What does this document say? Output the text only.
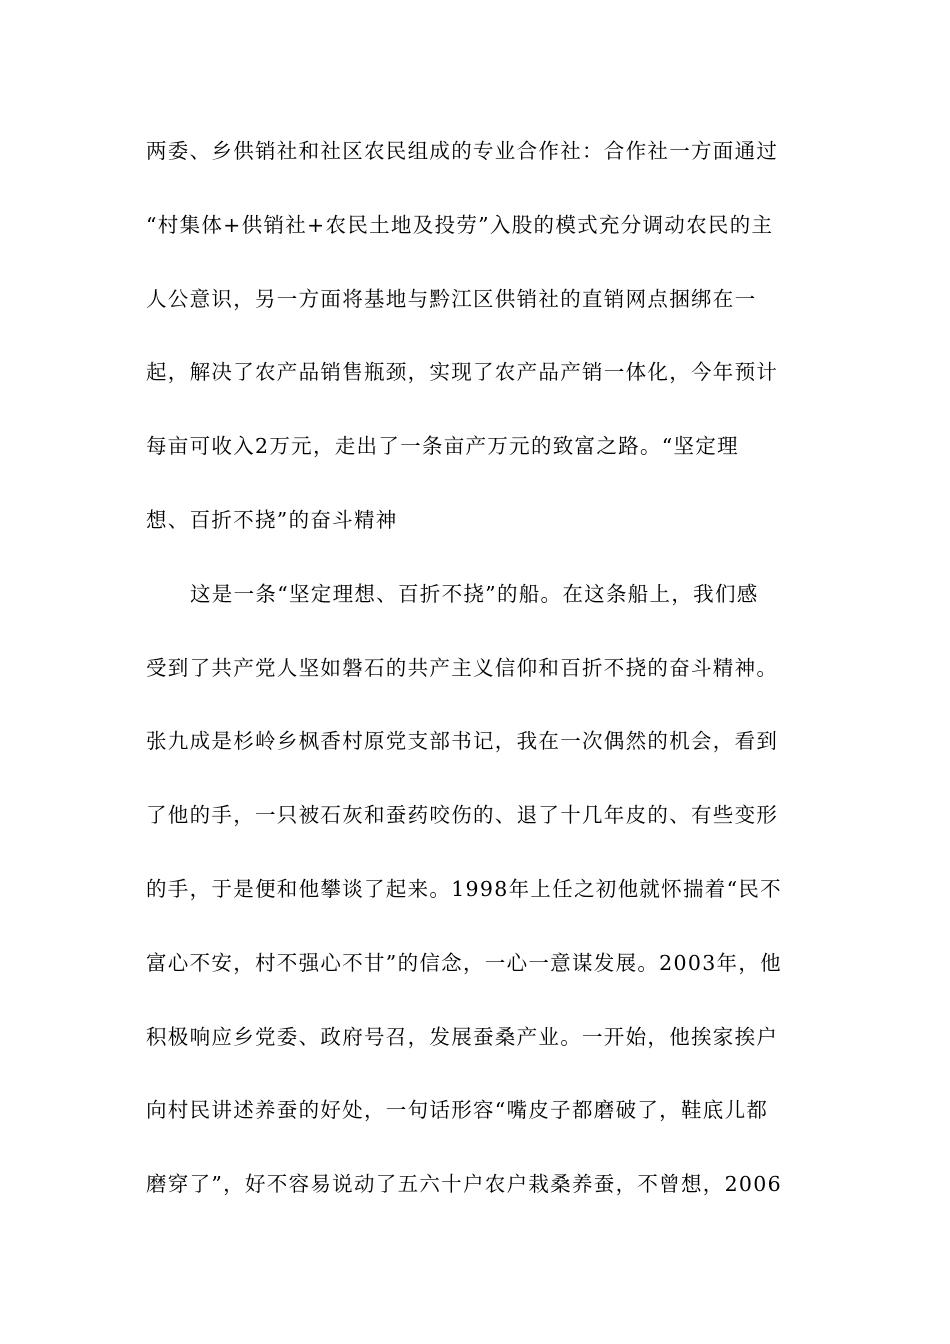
两委、乡供销社和社区农民组成的专业合作社：合作社一方面通过
“村集体+供销社+农民土地及投劳”入股的模式充分调动农民的主
人公意识，另一方面将基地与黔江区供销社的直销网点捆绑在一
起，解决了农产品销售瓶颈，实现了农产品产销一体化，今年预计
每亩可收入2万元，走出了一条亩产万元的致富之路。“坚定理
想、百折不挠”的奋斗精神
这是一条“坚定理想、百折不挠”的船。在这条船上，我们感
受到了共产党人坚如磐石的共产主义信仰和百折不挠的奋斗精神。
张九成是杉岭乡枫香村原党支部书记，我在一次偶然的机会，看到
了他的手，一只被石灰和蚕药咬伤的、退了十几年皮的、有些变形
的手，于是便和他攀谈了起来。1998年上任之初他就怀揣着“民不
富心不安，村不强心不甘”的信念，一心一意谋发展。2003年，他
积极响应乡党委、政府号召，发展蚕桑产业。一开始，他挨家挨户
向村民讲述养蚕的好处，一句话形容“嘴皮子都磨破了，鞋底儿都
磨穿了”，好不容易说动了五六十户农户栽桑养蚕，不曾想，2006
